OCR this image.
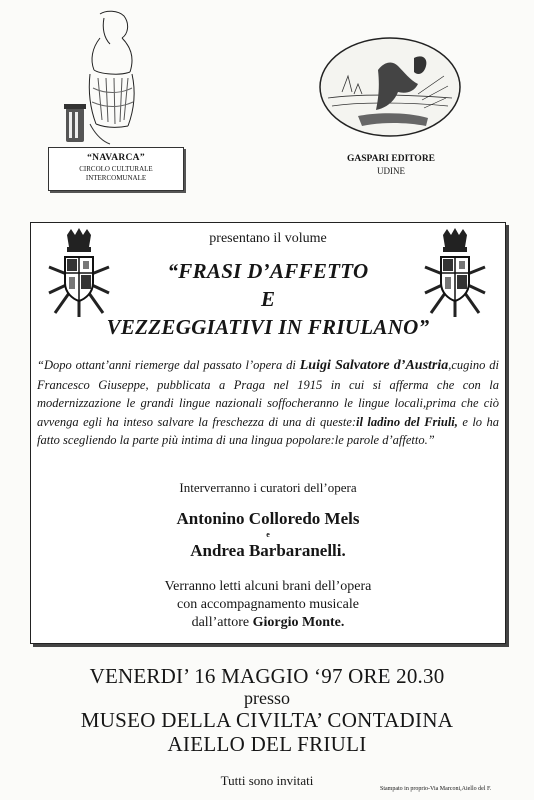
“NAVARCA”
CIRCOLO CULTURALE
INTERCOMUNALE
GASPARI EDITORE
UDINE
presentano il volume
“FRASI D’AFFETTO
E
VEZZEGGIATIVI IN FRIULANO”
“Dopo ottant’anni riemerge dal passato l’opera di Luigi Salvatore d’Austria,cugino di Francesco Giuseppe, pubblicata a Praga nel 1915 in cui si afferma che con la modernizzazione le grandi lingue nazionali soffocheranno le lingue locali,prima che ciò avvenga egli ha inteso salvare la freschezza di una di queste:il ladino del Friuli, e lo ha fatto scegliendo la parte più intima di una lingua popolare:le parole d’affetto.”
Interverranno i curatori dell’opera
Antonino Colloredo Mels
e
Andrea Barbaranelli.
Verranno letti alcuni brani dell’opera
con accompagnamento musicale
dall’attore Giorgio Monte.
VENERDI’ 16 MAGGIO ‘97 ORE 20.30
presso
MUSEO DELLA CIVILTA’ CONTADINA
AIELLO DEL FRIULI
Tutti sono invitati
Stampato in proprio-Via Marconi,Aiello del F.
